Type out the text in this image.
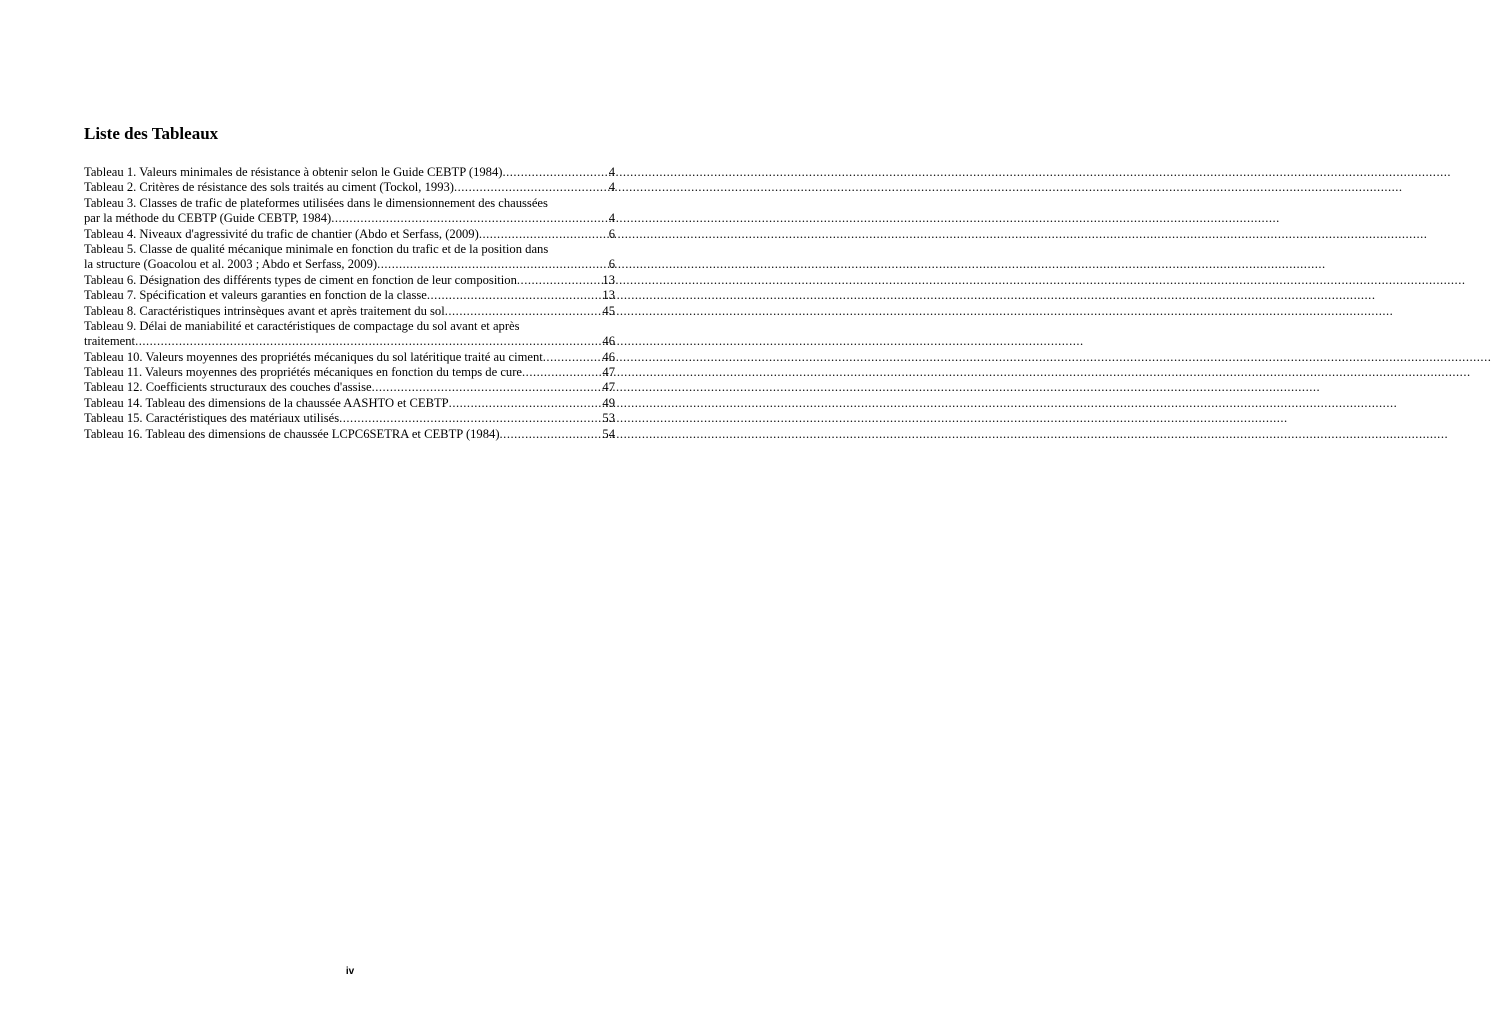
Liste des Tableaux
Tableau 1. Valeurs minimales de résistance à obtenir selon le Guide CEBTP (1984) .....	4
Tableau 2. Critères de résistance des sols traités au ciment (Tockol, 1993) .....	4
Tableau 3. Classes de trafic de plateformes utilisées dans le dimensionnement des chaussées
par la méthode du CEBTP (Guide CEBTP, 1984) .....	4
Tableau 4. Niveaux d'agressivité du trafic de chantier (Abdo et Serfass, (2009) .....	6
Tableau 5. Classe de qualité mécanique minimale en fonction du trafic et de la position dans
la structure (Goacolou et al. 2003 ; Abdo et Serfass, 2009) .....	6
Tableau 6. Désignation des différents types de ciment en fonction de leur composition .....	13
Tableau 7. Spécification et valeurs garanties en fonction de la classe .....	13
Tableau 8. Caractéristiques intrinsèques avant et après traitement du sol .....	45
Tableau 9. Délai de maniabilité et caractéristiques de compactage du sol avant et après
traitement .....	46
Tableau 10. Valeurs moyennes des propriétés mécaniques du sol latéritique traité au ciment .....	46
Tableau 11. Valeurs moyennes des propriétés mécaniques en fonction du temps de cure .....	47
Tableau 12. Coefficients structuraux des couches d'assise .....	47
Tableau 14. Tableau des dimensions de la chaussée AASHTO et CEBTP .....	49
Tableau 15. Caractéristiques des matériaux utilisés .....	53
Tableau 16. Tableau des dimensions de chaussée LCPC6SETRA et CEBTP (1984) .....	54
iv
